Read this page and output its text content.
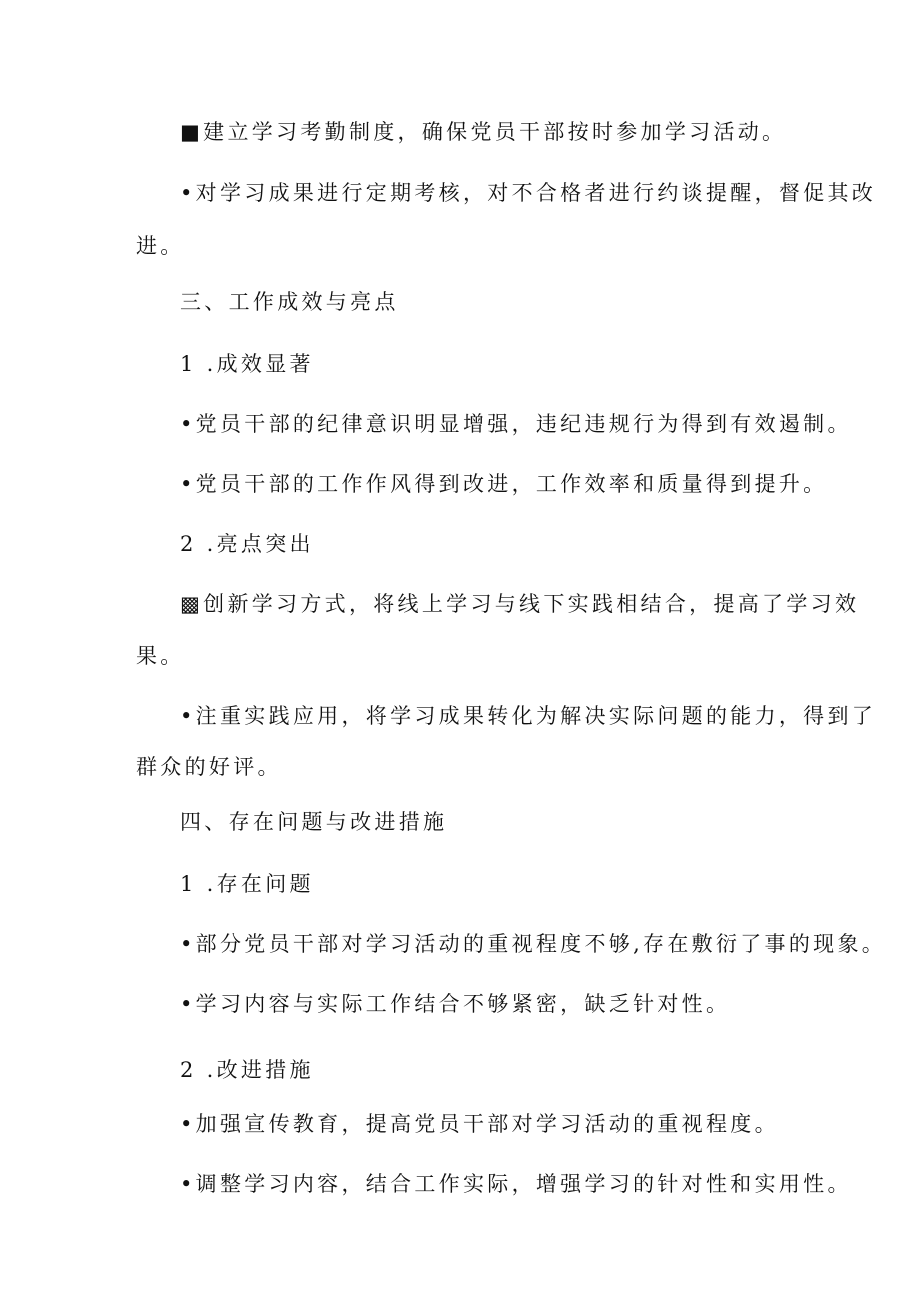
■建立学习考勤制度，确保党员干部按时参加学习活动。
•对学习成果进行定期考核，对不合格者进行约谈提醒，督促其改
进。
三、工作成效与亮点
1 .成效显著
•党员干部的纪律意识明显增强，违纪违规行为得到有效遏制。
•党员干部的工作作风得到改进，工作效率和质量得到提升。
2 .亮点突出
▩创新学习方式，将线上学习与线下实践相结合，提高了学习效
果。
•注重实践应用，将学习成果转化为解决实际问题的能力，得到了
群众的好评。
四、存在问题与改进措施
1 .存在问题
•部分党员干部对学习活动的重视程度不够,存在敷衍了事的现象。
•学习内容与实际工作结合不够紧密，缺乏针对性。
2 .改进措施
•加强宣传教育，提高党员干部对学习活动的重视程度。
•调整学习内容，结合工作实际，增强学习的针对性和实用性。
